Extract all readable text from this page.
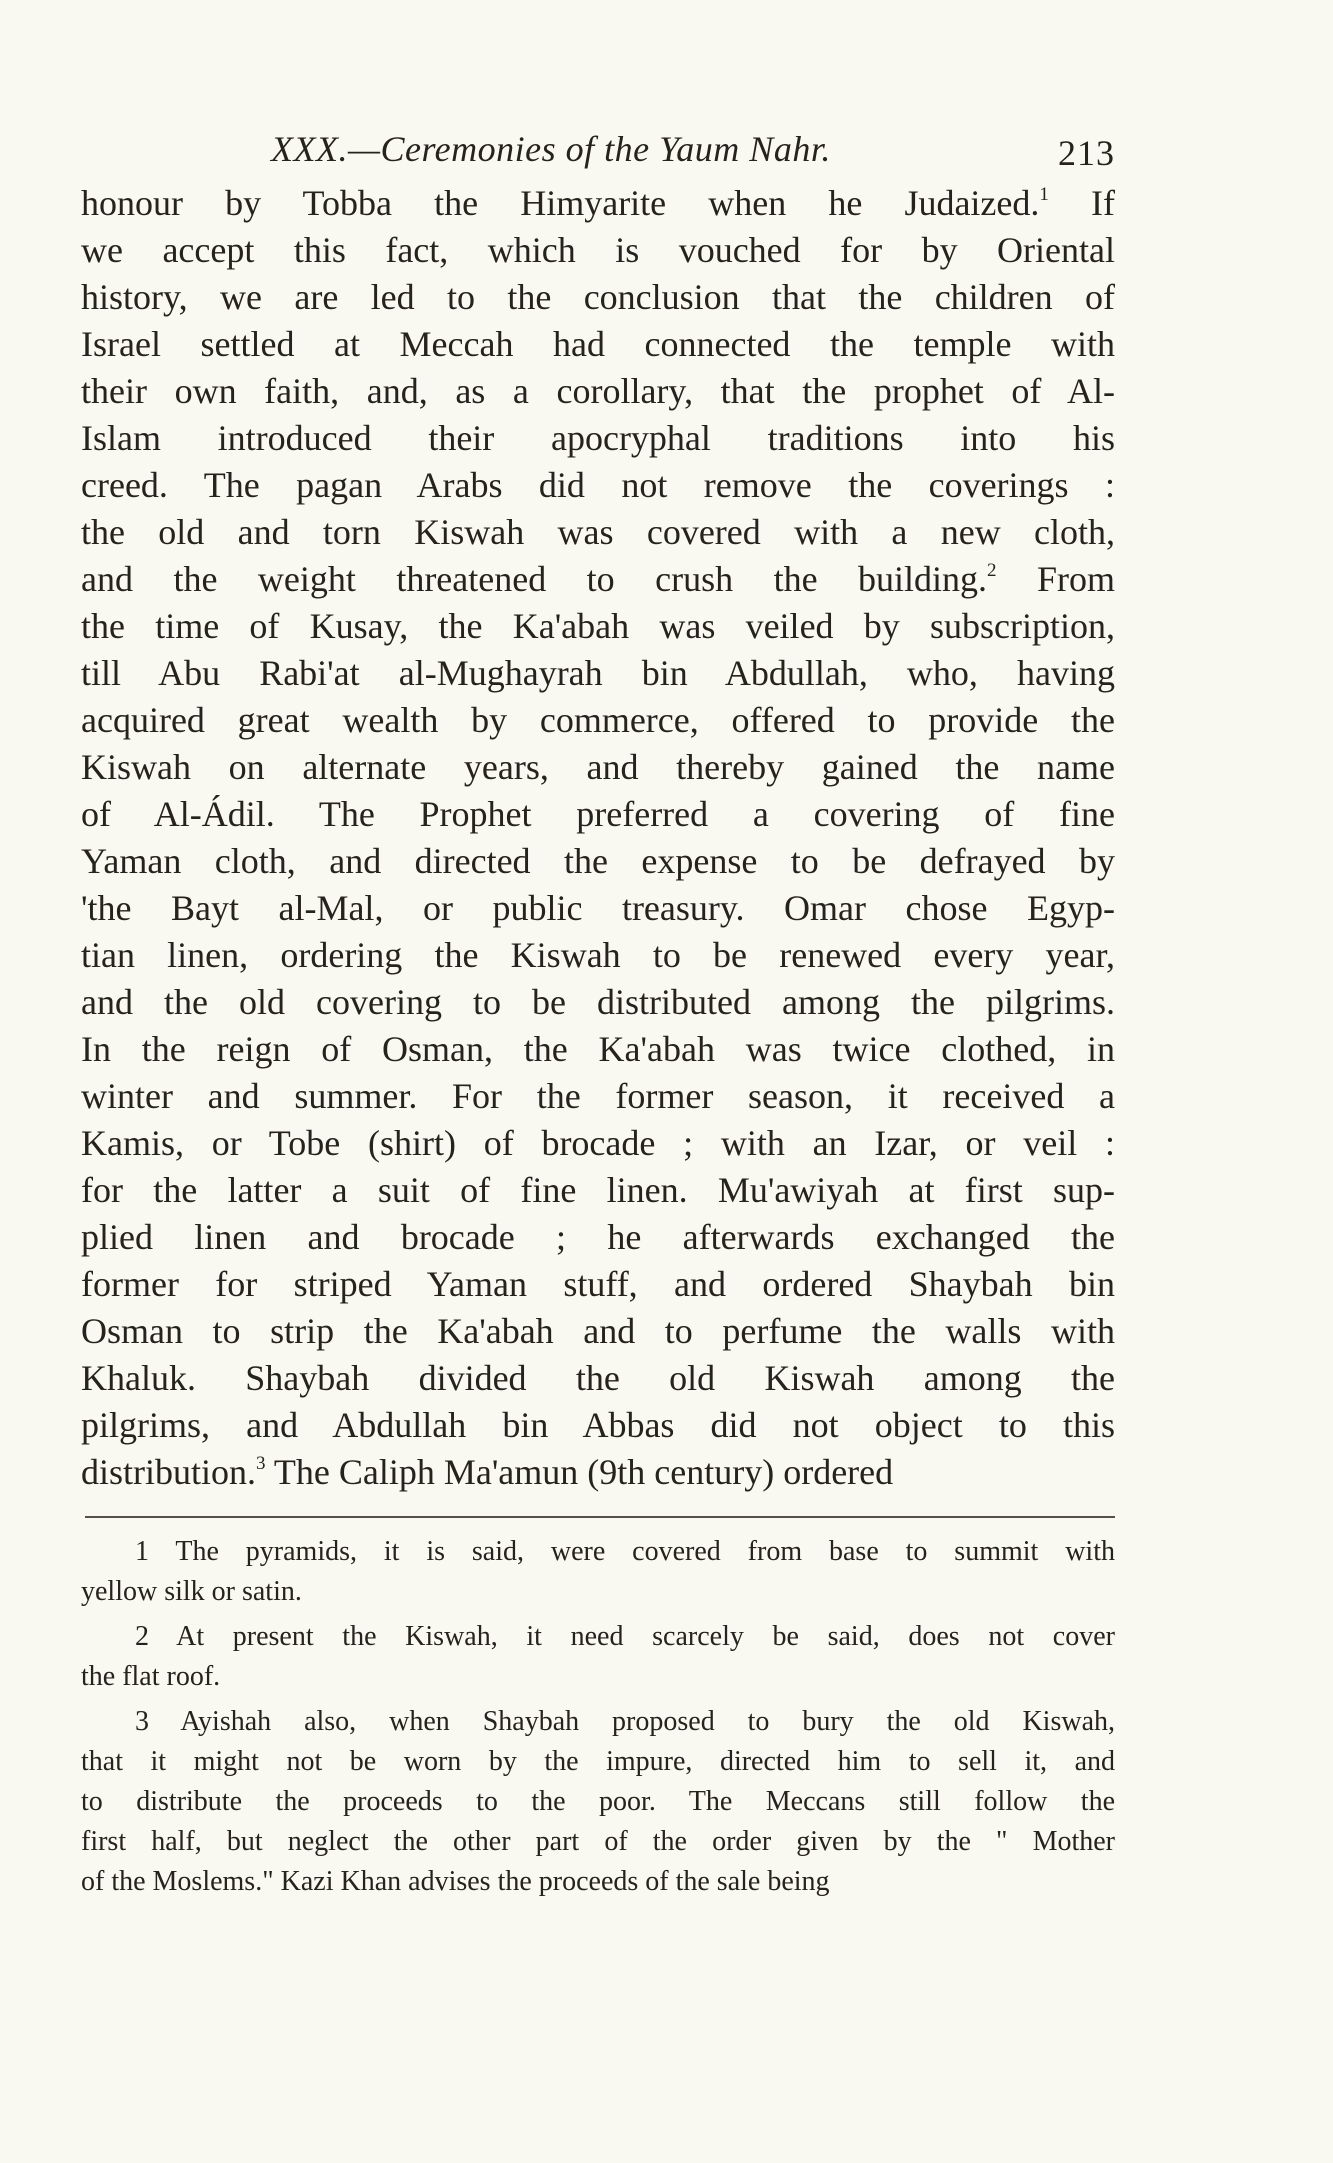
XXX.—Ceremonies of the Yaum Nahr.	213
honour by Tobba the Himyarite when he Judaized.$^1$ If
we accept this fact, which is vouched for by Oriental
history, we are led to the conclusion that the children of
Israel settled at Meccah had connected the temple with
their own faith, and, as a corollary, that the prophet of Al-
Islam introduced their apocryphal traditions into his
creed. The pagan Arabs did not remove the coverings :
the old and torn Kiswah was covered with a new cloth,
and the weight threatened to crush the building.$^2$ From
the time of Kusay, the Ka'abah was veiled by subscription,
till Abu Rabi'at al-Mughayrah bin Abdullah, who, having
acquired great wealth by commerce, offered to provide the
Kiswah on alternate years, and thereby gained the name
of Al-Ádil. The Prophet preferred a covering of fine
Yaman cloth, and directed the expense to be defrayed by
'the Bayt al-Mal, or public treasury. Omar chose Egyp-
tian linen, ordering the Kiswah to be renewed every year,
and the old covering to be distributed among the pilgrims.
In the reign of Osman, the Ka'abah was twice clothed, in
winter and summer. For the former season, it received a
Kamis, or Tobe (shirt) of brocade ; with an Izar, or veil :
for the latter a suit of fine linen. Mu'awiyah at first sup-
plied linen and brocade ; he afterwards exchanged the
former for striped Yaman stuff, and ordered Shaybah bin
Osman to strip the Ka'abah and to perfume the walls with
Khaluk. Shaybah divided the old Kiswah among the
pilgrims, and Abdullah bin Abbas did not object to this
distribution.$^3$ The Caliph Ma'amun (9th century) ordered
1 The pyramids, it is said, were covered from base to summit with
yellow silk or satin.
2 At present the Kiswah, it need scarcely be said, does not cover
the flat roof.
3 Ayishah also, when Shaybah proposed to bury the old Kiswah,
that it might not be worn by the impure, directed him to sell it, and
to distribute the proceeds to the poor. The Meccans still follow the
first half, but neglect the other part of the order given by the " Mother
of the Moslems." Kazi Khan advises the proceeds of the sale being
